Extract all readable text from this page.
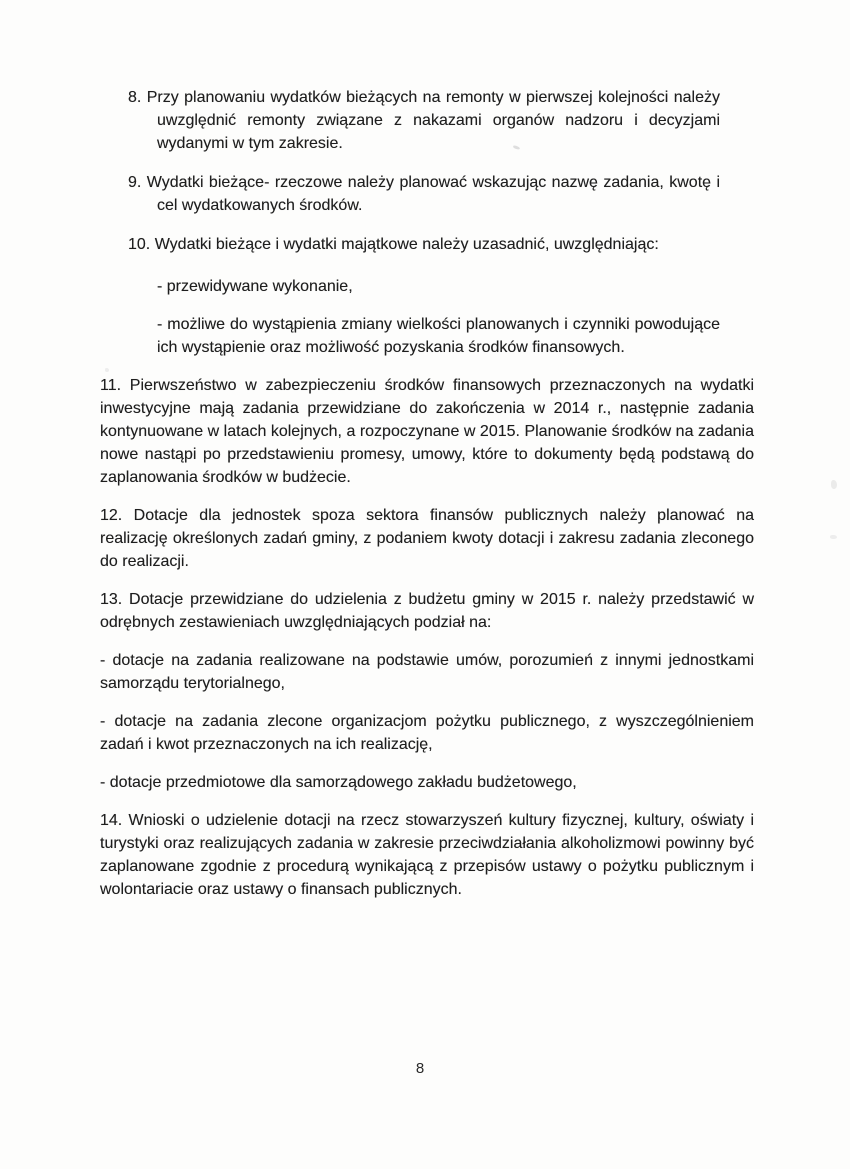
8. Przy planowaniu wydatków bieżących na remonty w pierwszej kolejności należy uwzględnić remonty związane z nakazami organów nadzoru i decyzjami wydanymi w tym zakresie.

9. Wydatki bieżące- rzeczowe należy planować wskazując nazwę zadania, kwotę i cel wydatkowanych środków.

10. Wydatki bieżące i wydatki majątkowe należy uzasadnić, uwzględniając:

- przewidywane wykonanie,

- możliwe do wystąpienia zmiany wielkości planowanych i czynniki powodujące ich wystąpienie oraz możliwość pozyskania środków finansowych.

11. Pierwszeństwo w zabezpieczeniu środków finansowych przeznaczonych na wydatki inwestycyjne mają zadania przewidziane do zakończenia w 2014 r., następnie zadania kontynuowane w latach kolejnych, a rozpoczynane w 2015. Planowanie środków na zadania nowe nastąpi po przedstawieniu promesy, umowy, które to dokumenty będą podstawą do zaplanowania środków w budżecie.

12. Dotacje dla jednostek spoza sektora finansów publicznych należy planować na realizację określonych zadań gminy, z podaniem kwoty dotacji i zakresu zadania zleconego do realizacji.

13. Dotacje przewidziane do udzielenia z budżetu gminy w 2015 r. należy przedstawić w odrębnych zestawieniach uwzględniających podział na:

- dotacje na zadania realizowane na podstawie umów, porozumień z innymi jednostkami samorządu terytorialnego,

- dotacje na zadania zlecone organizacjom pożytku publicznego, z wyszczególnieniem zadań i kwot przeznaczonych na ich realizację,

- dotacje przedmiotowe dla samorządowego zakładu budżetowego,

14. Wnioski o udzielenie dotacji na rzecz stowarzyszeń kultury fizycznej, kultury, oświaty i turystyki oraz realizujących zadania w zakresie przeciwdziałania alkoholizmowi powinny być zaplanowane zgodnie z procedurą wynikającą z przepisów ustawy o pożytku publicznym i wolontariacie oraz ustawy o finansach publicznych.

8
